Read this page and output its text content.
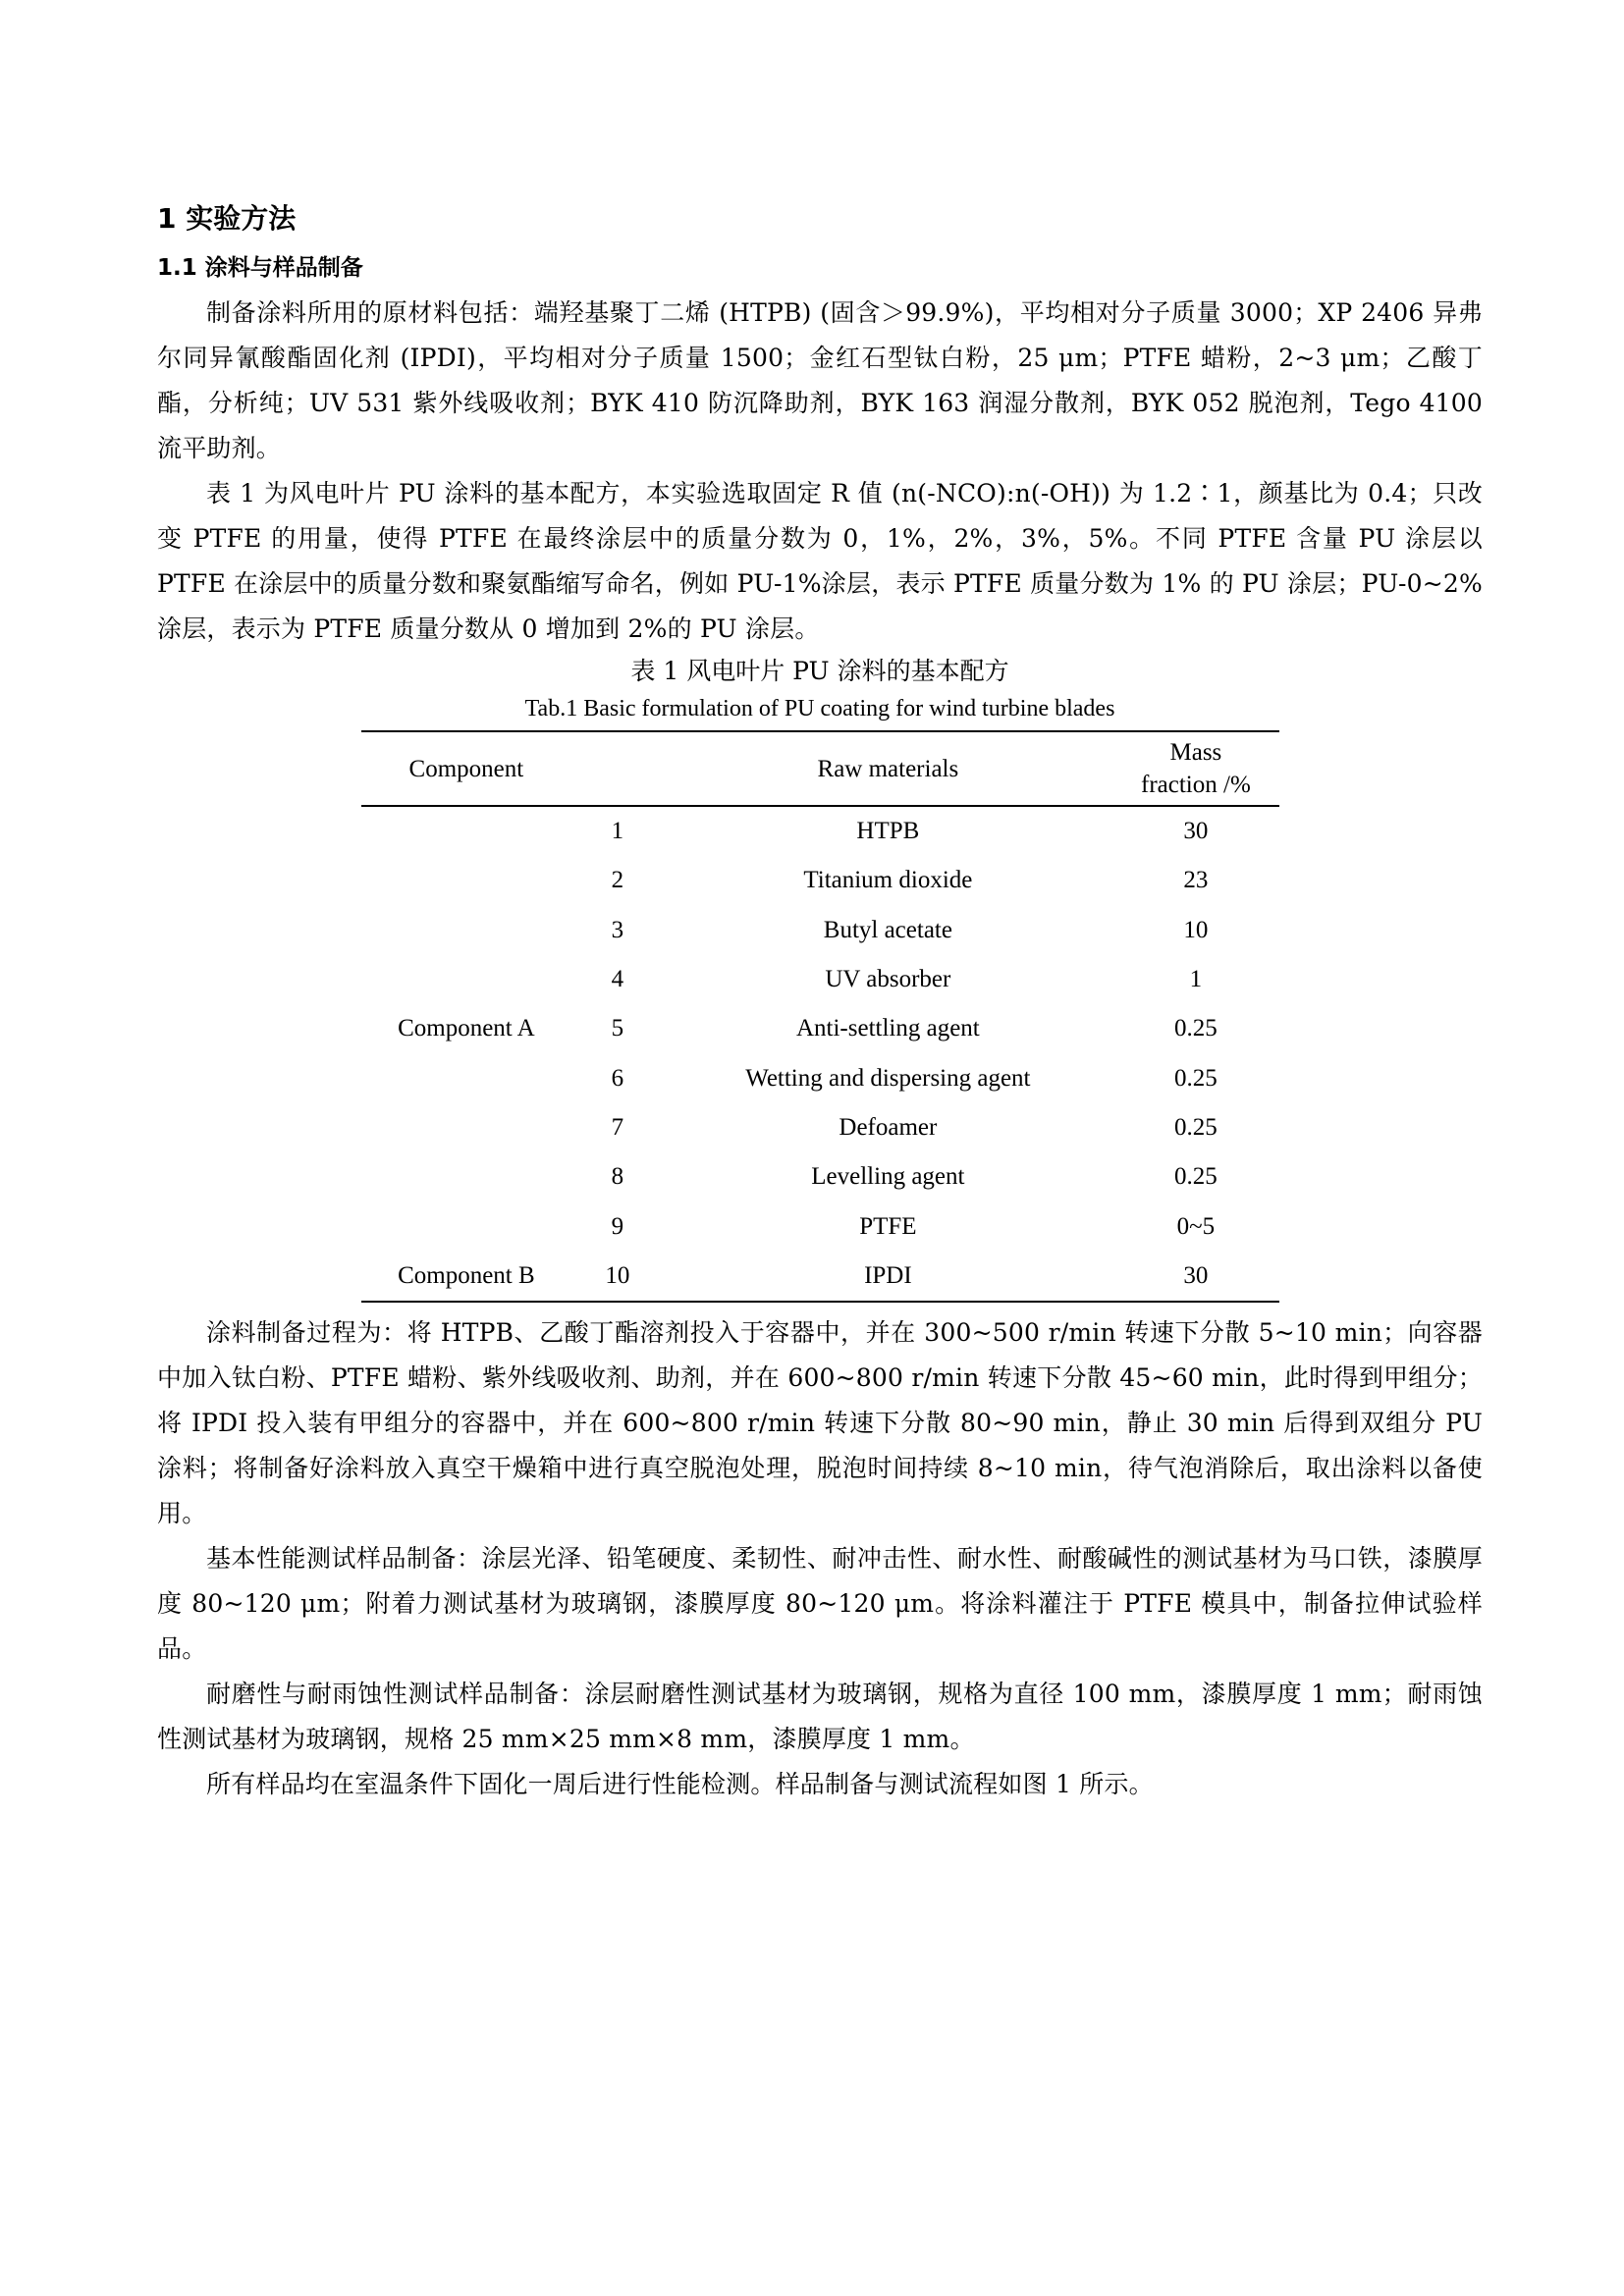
1 实验方法
1.1 涂料与样品制备

制备涂料所用的原材料包括：端羟基聚丁二烯 (HTPB) (固含＞99.9%)，平均相对分子质量 3000；XP 2406 异弗尔同异氰酸酯固化剂 (IPDI)，平均相对分子质量 1500；金红石型钛白粉，25 μm；PTFE 蜡粉，2~3 μm；乙酸丁酯，分析纯；UV 531 紫外线吸收剂；BYK 410 防沉降助剂，BYK 163 润湿分散剂，BYK 052 脱泡剂，Tego 4100 流平助剂。

表 1 为风电叶片 PU 涂料的基本配方，本实验选取固定 R 值 (n(-NCO):n(-OH)) 为 1.2∶1，颜基比为 0.4；只改变 PTFE 的用量，使得 PTFE 在最终涂层中的质量分数为 0，1%，2%，3%，5%。不同 PTFE 含量 PU 涂层以 PTFE 在涂层中的质量分数和聚氨酯缩写命名，例如 PU-1%涂层，表示 PTFE 质量分数为 1% 的 PU 涂层；PU-0~2%涂层，表示为 PTFE 质量分数从 0 增加到 2%的 PU 涂层。

表 1 风电叶片 PU 涂料的基本配方

Tab.1 Basic formulation of PU coating for wind turbine blades

Component		Raw materials	Mass
fraction /%
	1	HTPB	30
	2	Titanium dioxide	23
	3	Butyl acetate	10
	4	UV absorber	1
Component A	5	Anti-settling agent	0.25
	6	Wetting and dispersing agent	0.25
	7	Defoamer	0.25
	8	Levelling agent	0.25
	9	PTFE	0~5
Component B	10	IPDI	30

涂料制备过程为：将 HTPB、乙酸丁酯溶剂投入于容器中，并在 300~500 r/min 转速下分散 5~10 min；向容器中加入钛白粉、PTFE 蜡粉、紫外线吸收剂、助剂，并在 600~800 r/min 转速下分散 45~60 min，此时得到甲组分；将 IPDI 投入装有甲组分的容器中，并在 600~800 r/min 转速下分散 80~90 min，静止 30 min 后得到双组分 PU 涂料；将制备好涂料放入真空干燥箱中进行真空脱泡处理，脱泡时间持续 8~10 min，待气泡消除后，取出涂料以备使用。

基本性能测试样品制备：涂层光泽、铅笔硬度、柔韧性、耐冲击性、耐水性、耐酸碱性的测试基材为马口铁，漆膜厚度 80~120 μm；附着力测试基材为玻璃钢，漆膜厚度 80~120 μm。将涂料灌注于 PTFE 模具中，制备拉伸试验样品。

耐磨性与耐雨蚀性测试样品制备：涂层耐磨性测试基材为玻璃钢，规格为直径 100 mm，漆膜厚度 1 mm；耐雨蚀性测试基材为玻璃钢，规格 25 mm×25 mm×8 mm，漆膜厚度 1 mm。

所有样品均在室温条件下固化一周后进行性能检测。样品制备与测试流程如图 1 所示。
